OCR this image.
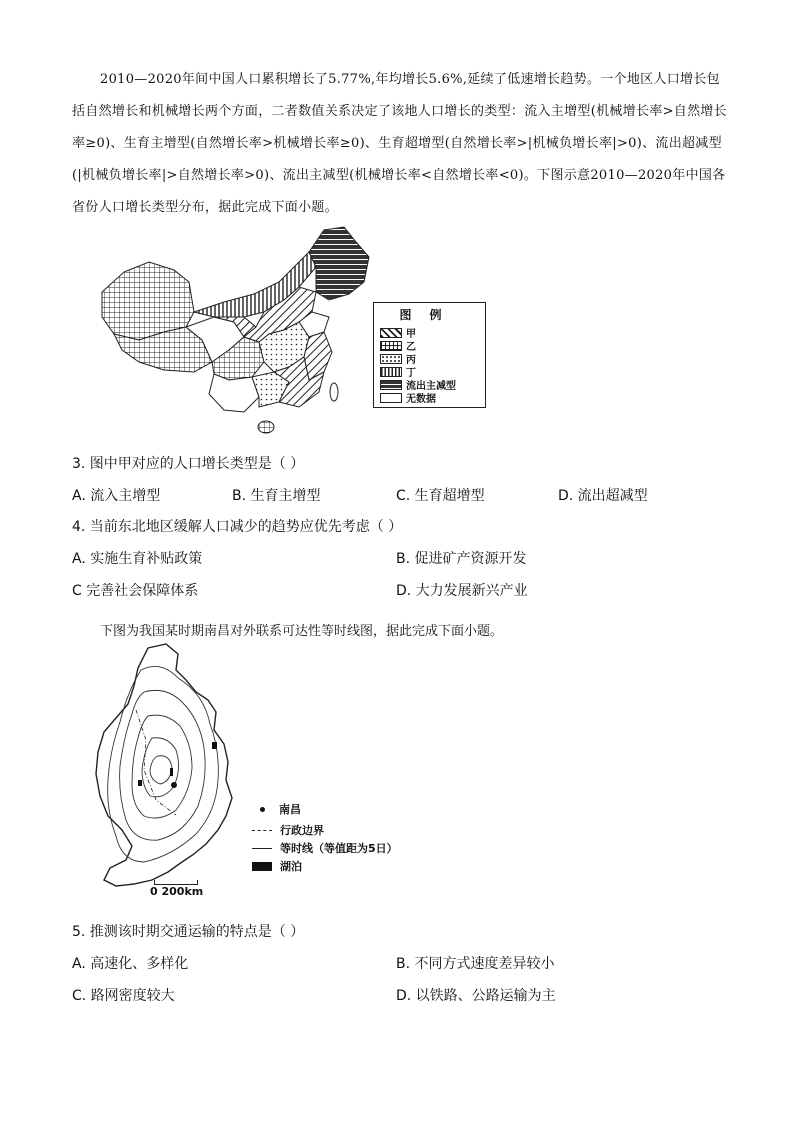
2010—2020年间中国人口累积增长了5.77%,年均增长5.6%,延续了低速增长趋势。一个地区人口增长包括自然增长和机械增长两个方面，二者数值关系决定了该地人口增长的类型：流入主增型(机械增长率>自然增长率≥0)、生育主增型(自然增长率>机械增长率≥0)、生育超增型(自然增长率>|机械负增长率|>0)、流出超减型(|机械负增长率|>自然增长率>0)、流出主减型(机械增长率<自然增长率<0)。下图示意2010—2020年中国各省份人口增长类型分布，据此完成下面小题。
图例
甲
乙
丙
丁
流出主减型
无数据
3. 图中甲对应的人口增长类型是（ ）
A. 流入主增型	B. 生育主增型	C. 生育超增型	D. 流出超减型
4. 当前东北地区缓解人口减少的趋势应优先考虑（ ）
A. 实施生育补贴政策	B. 促进矿产资源开发
C 完善社会保障体系	D. 大力发展新兴产业
下图为我国某时期南昌对外联系可达性等时线图，据此完成下面小题。
南昌
行政边界
等时线（等值距为5日）
湖泊
0 200km
5. 推测该时期交通运输的特点是（ ）
A. 高速化、多样化	B. 不同方式速度差异较小
C. 路网密度较大	D. 以铁路、公路运输为主
